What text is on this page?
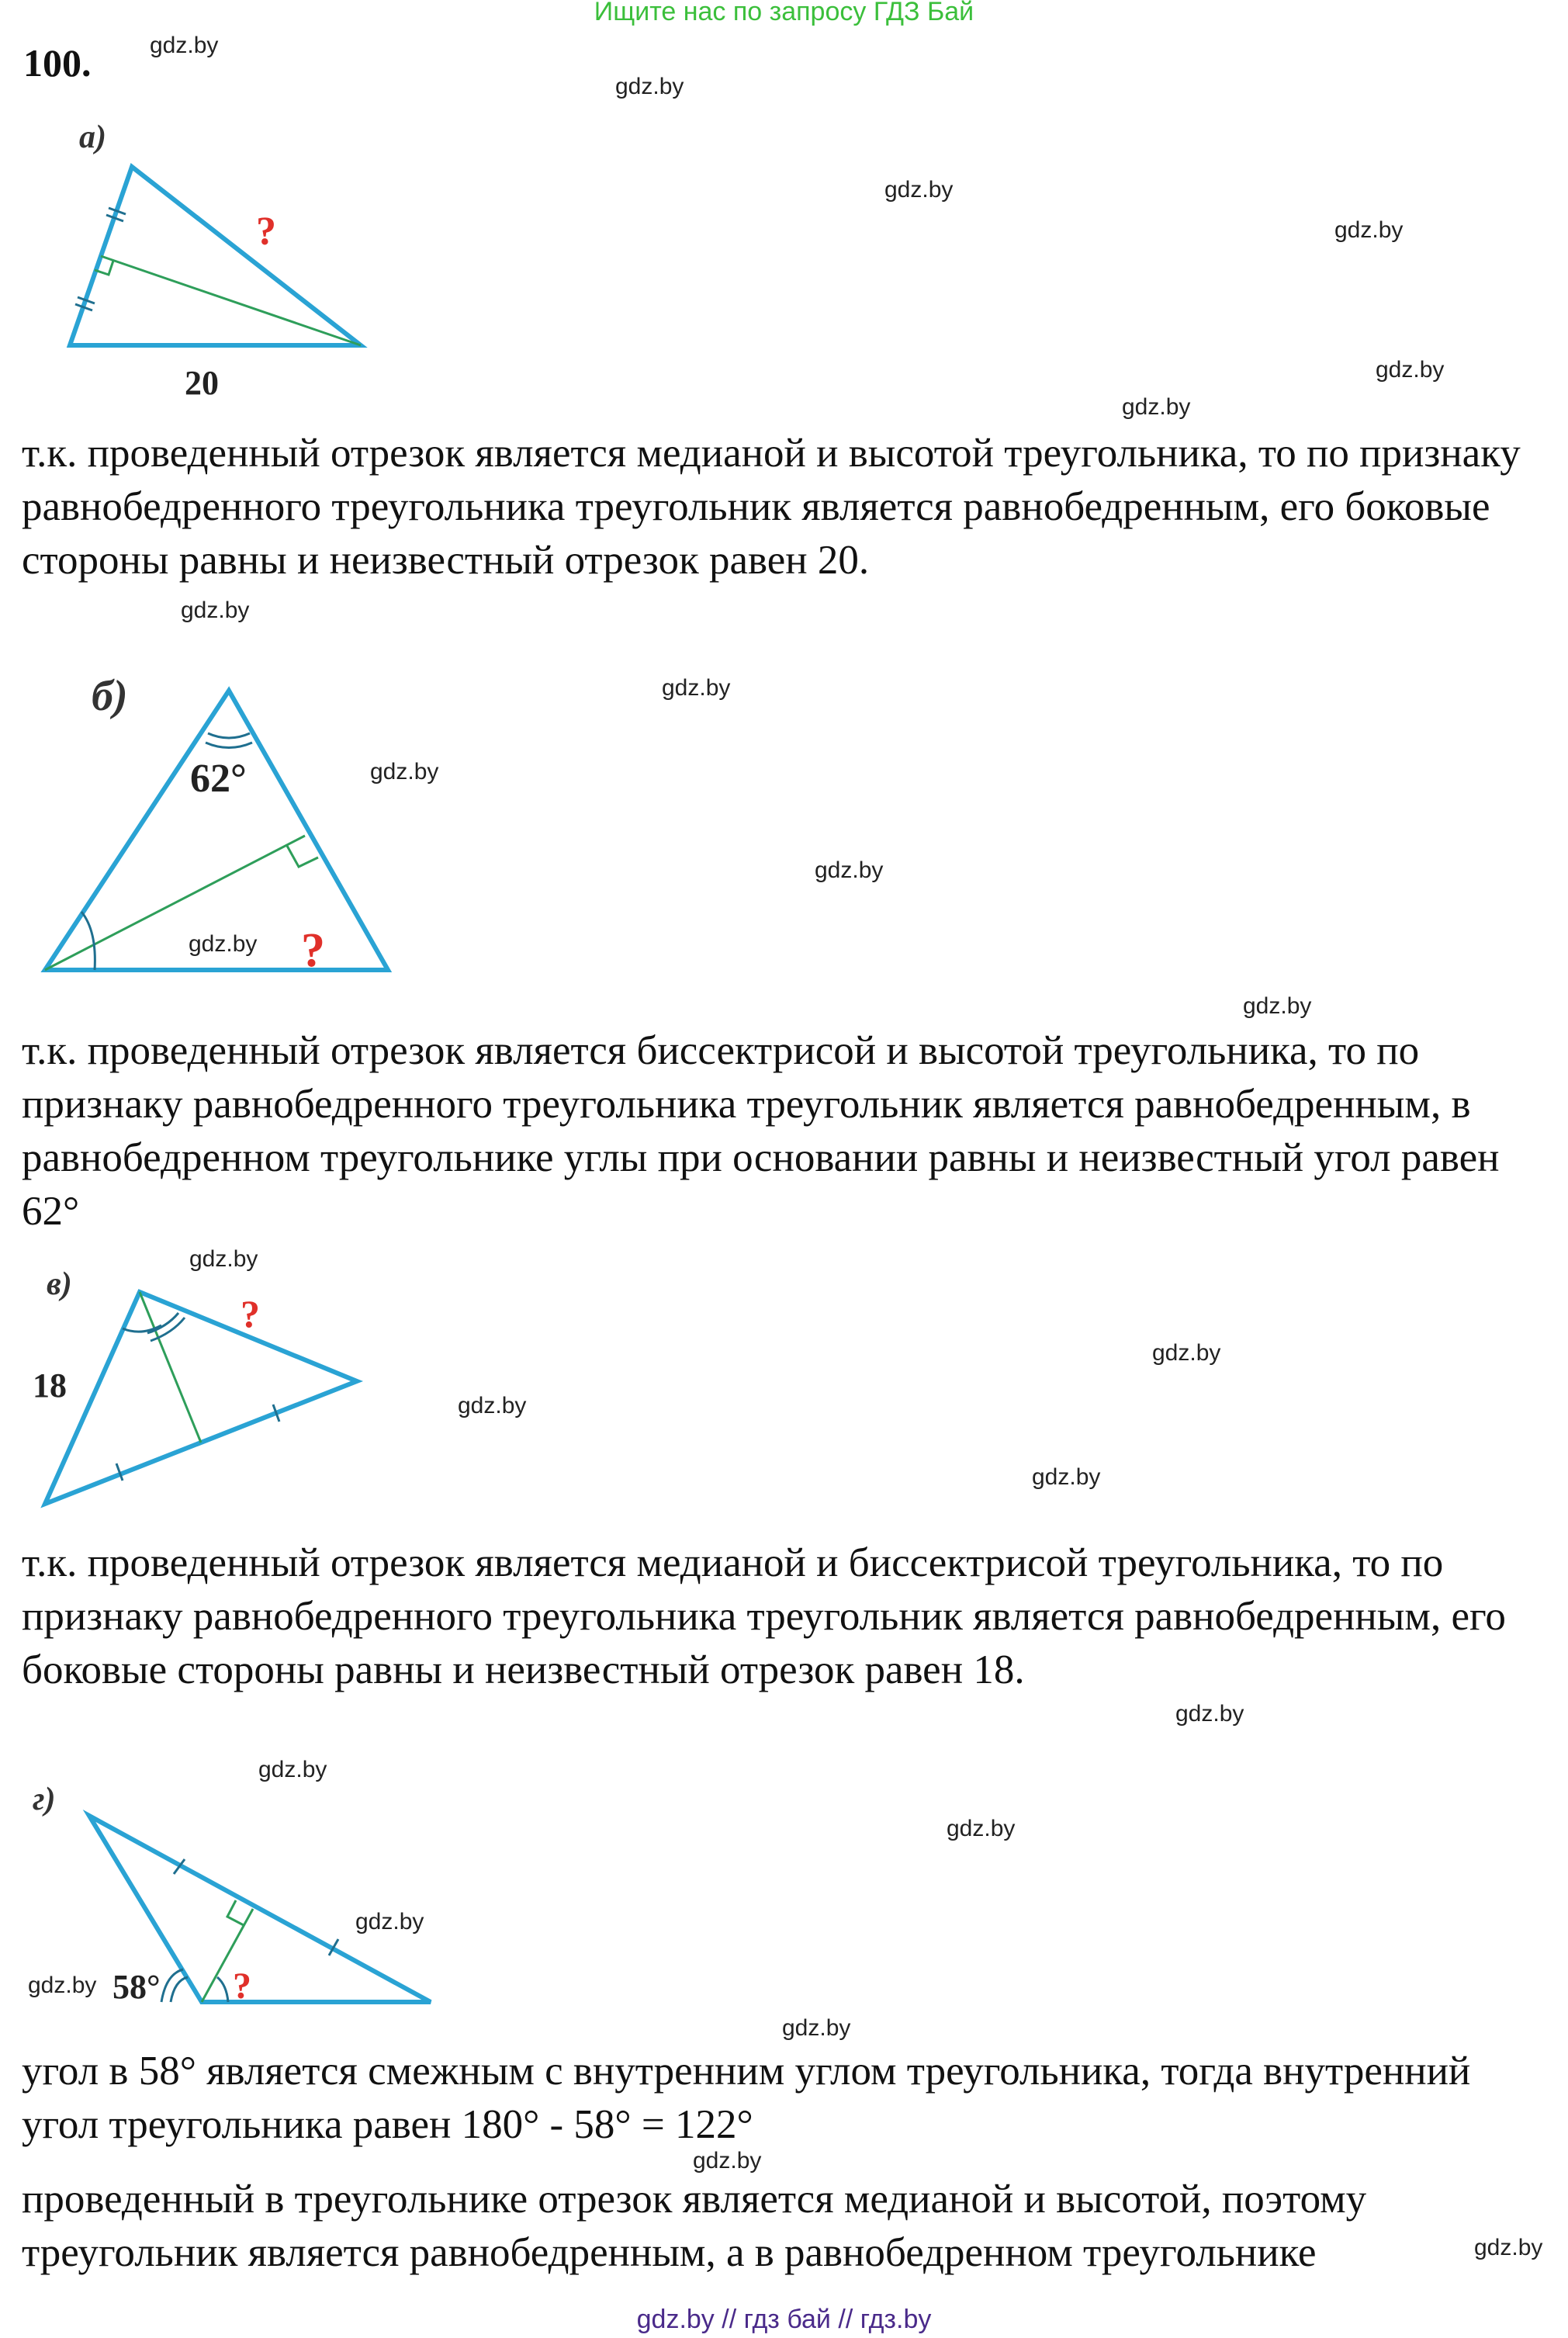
Ищите нас по запросу ГДЗ Бай
100.	gdz.by
gdz.by
gdz.by
gdz.by
gdz.by
gdz.by
gdz.by
gdz.by
gdz.by
gdz.by
gdz.by
gdz.by
gdz.by
gdz.by
gdz.by
gdz.by
gdz.by
gdz.by
gdz.by
gdz.by
gdz.by
gdz.by
gdz.by
gdz.by
а)
?
20
б)
62°
?
в)
18
?
г)
58° ?

т.к. проведенный отрезок является медианой и высотой треугольника, то по признаку равнобедренного треугольника треугольник является равнобедренным, его боковые стороны равны и неизвестный отрезок равен 20.

т.к. проведенный отрезок является биссектрисой и высотой треугольника, то по признаку равнобедренного треугольника треугольник является равнобедренным, в равнобедренном треугольнике углы при основании равны и неизвестный угол равен 62°

т.к. проведенный отрезок является медианой и биссектрисой треугольника, то по признаку равнобедренного треугольника треугольник является равнобедренным, его боковые стороны равны и неизвестный отрезок равен 18.

угол в 58° является смежным с внутренним углом треугольника, тогда внутренний угол треугольника равен 180° - 58° = 122°

проведенный в треугольнике отрезок является медианой и высотой, поэтому треугольник является равнобедренным, а в равнобедренном треугольнике

gdz.by // гдз бай // гдз.by
